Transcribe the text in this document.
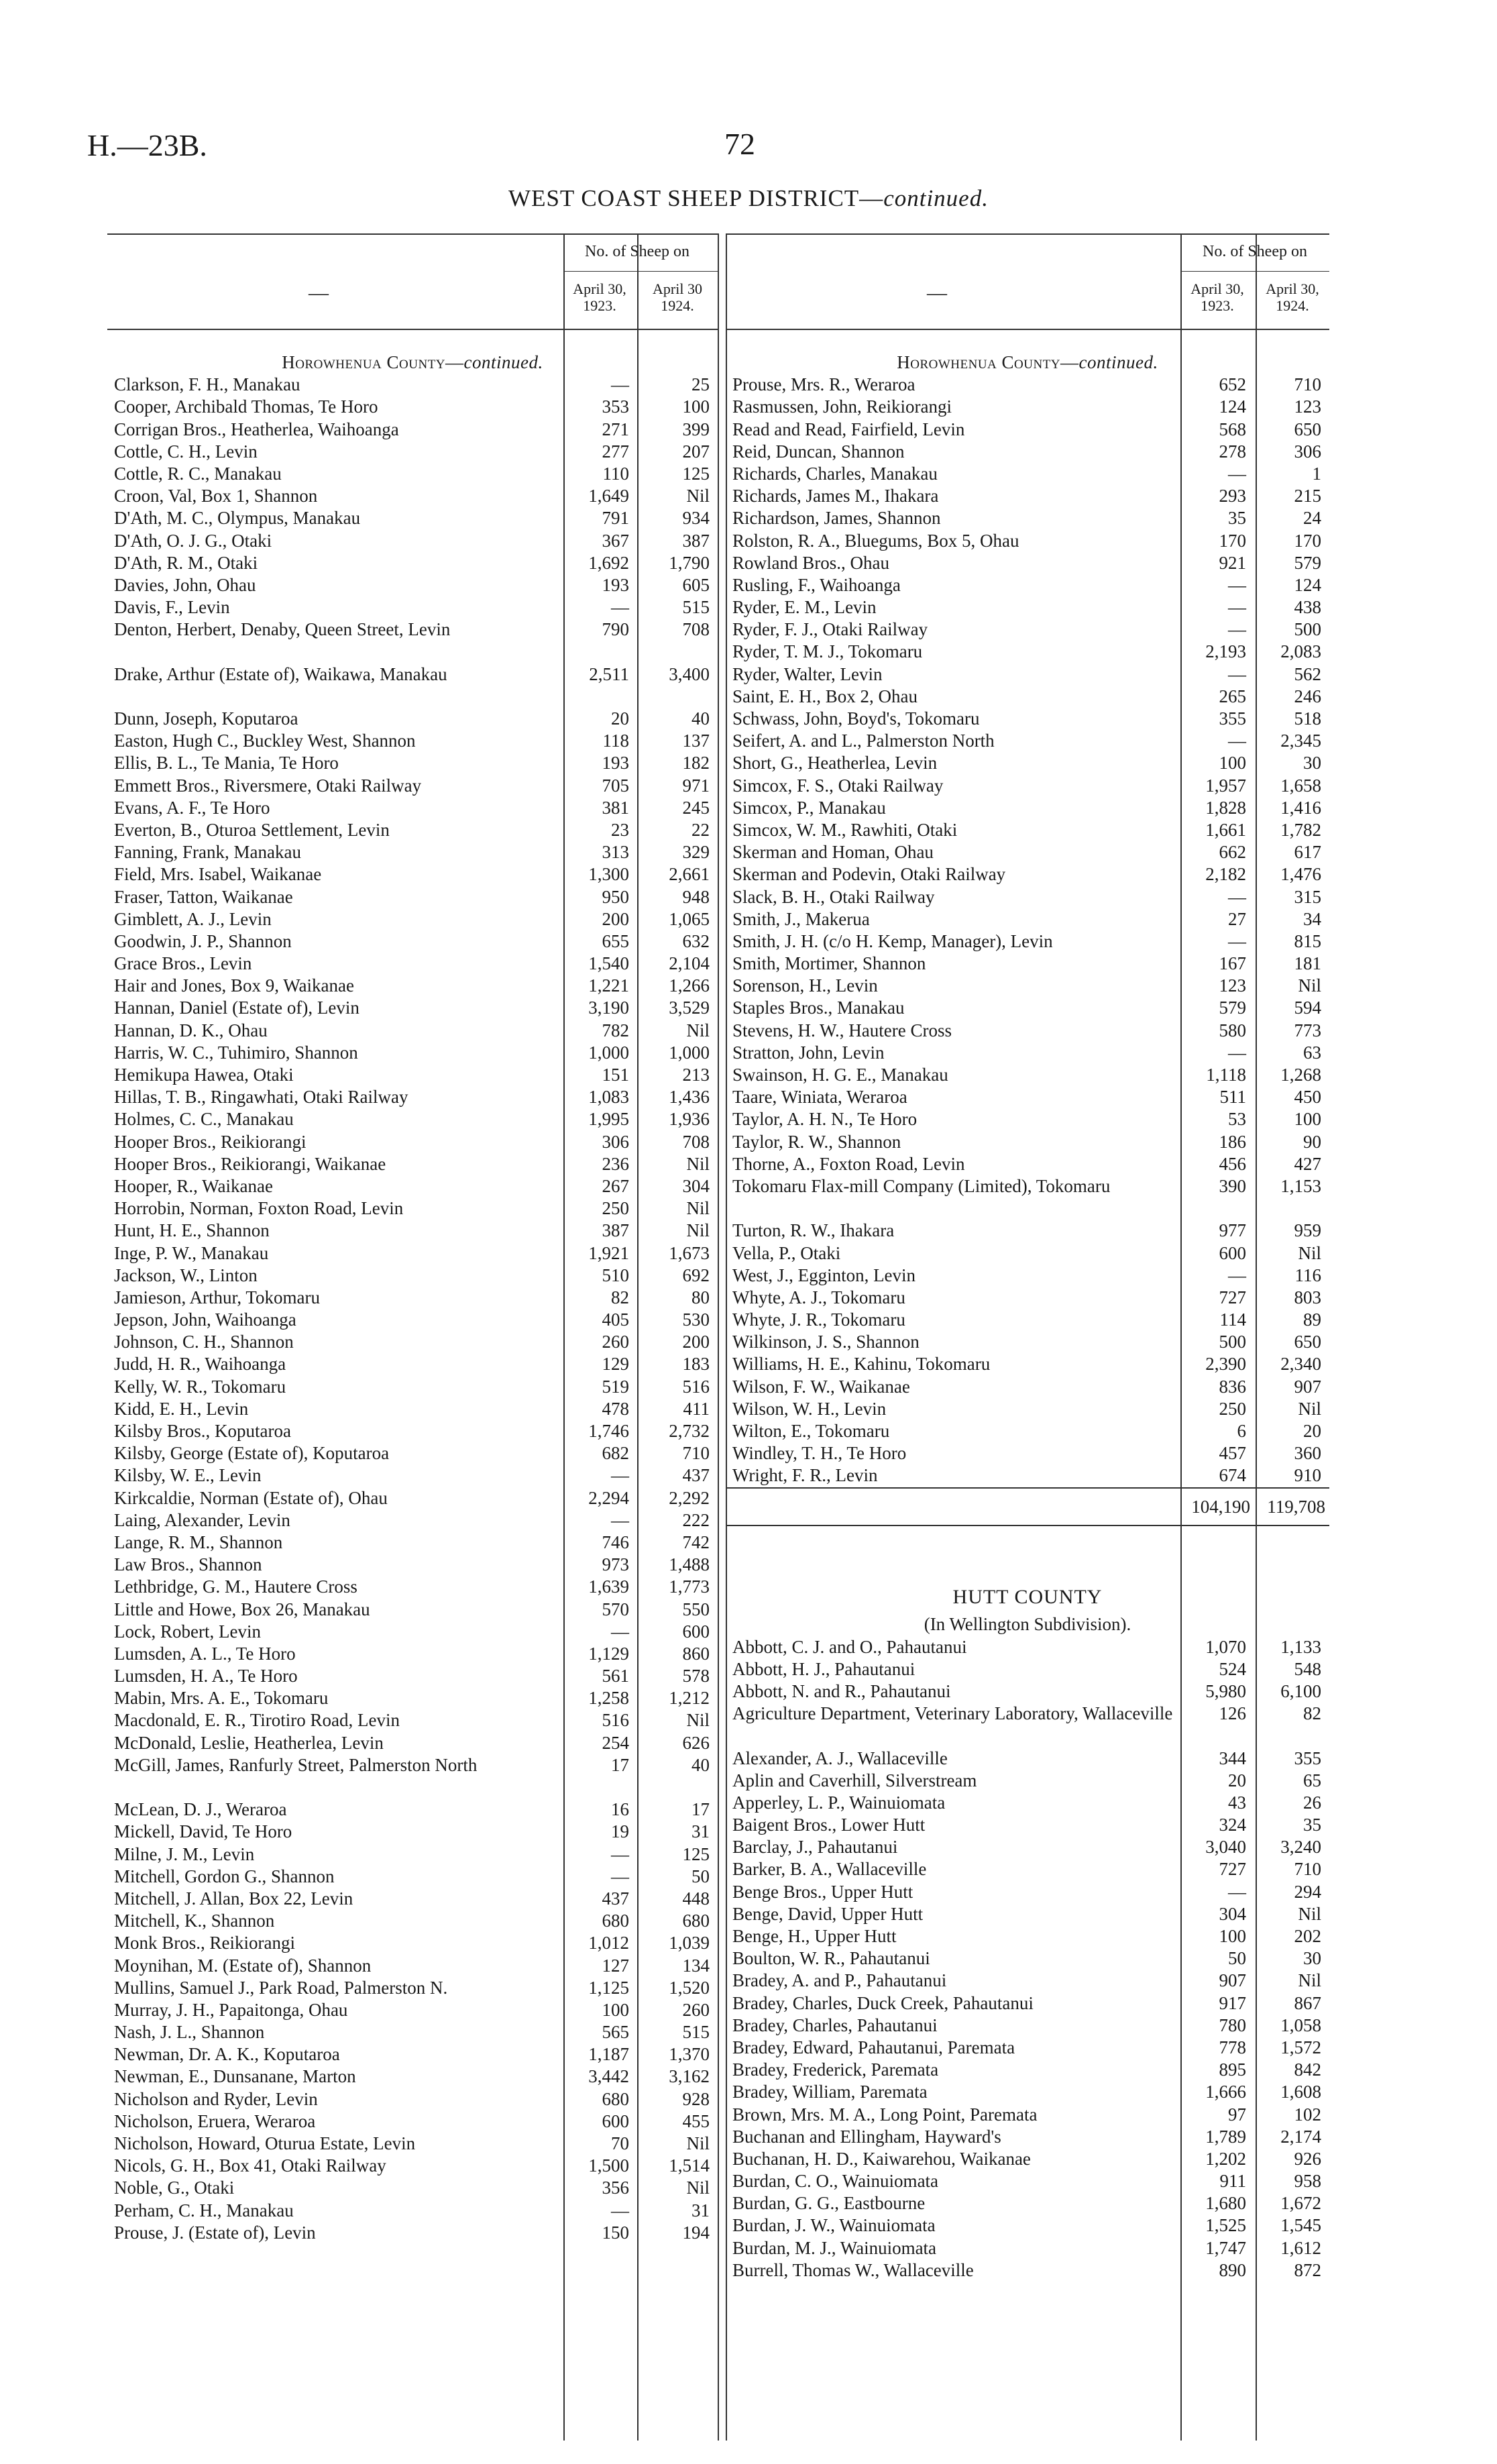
H.—23B.	72
WEST COAST SHEEP DISTRICT—continued.
—
No. of Sheep on
April 30, 1923.
April 30 1924.
Horowhenua County—continued.
Clarkson, F. H., Manakau	—	25
Cooper, Archibald Thomas, Te Horo	353	100
Corrigan Bros., Heatherlea, Waihoanga	271	399
Cottle, C. H., Levin	277	207
Cottle, R. C., Manakau	110	125
Croon, Val, Box 1, Shannon	1,649	Nil
D'Ath, M. C., Olympus, Manakau	791	934
D'Ath, O. J. G., Otaki	367	387
D'Ath, R. M., Otaki	1,692	1,790
Davies, John, Ohau	193	605
Davis, F., Levin	—	515
Denton, Herbert, Denaby, Queen Street, Levin	790	708
Drake, Arthur (Estate of), Waikawa, Manakau	2,511	3,400
Dunn, Joseph, Koputaroa	20	40
Easton, Hugh C., Buckley West, Shannon	118	137
Ellis, B. L., Te Mania, Te Horo	193	182
Emmett Bros., Riversmere, Otaki Railway	705	971
Evans, A. F., Te Horo	381	245
Everton, B., Oturoa Settlement, Levin	23	22
Fanning, Frank, Manakau	313	329
Field, Mrs. Isabel, Waikanae	1,300	2,661
Fraser, Tatton, Waikanae	950	948
Gimblett, A. J., Levin	200	1,065
Goodwin, J. P., Shannon	655	632
Grace Bros., Levin	1,540	2,104
Hair and Jones, Box 9, Waikanae	1,221	1,266
Hannan, Daniel (Estate of), Levin	3,190	3,529
Hannan, D. K., Ohau	782	Nil
Harris, W. C., Tuhimiro, Shannon	1,000	1,000
Hemikupa Hawea, Otaki	151	213
Hillas, T. B., Ringawhati, Otaki Railway	1,083	1,436
Holmes, C. C., Manakau	1,995	1,936
Hooper Bros., Reikiorangi	306	708
Hooper Bros., Reikiorangi, Waikanae	236	Nil
Hooper, R., Waikanae	267	304
Horrobin, Norman, Foxton Road, Levin	250	Nil
Hunt, H. E., Shannon	387	Nil
Inge, P. W., Manakau	1,921	1,673
Jackson, W., Linton	510	692
Jamieson, Arthur, Tokomaru	82	80
Jepson, John, Waihoanga	405	530
Johnson, C. H., Shannon	260	200
Judd, H. R., Waihoanga	129	183
Kelly, W. R., Tokomaru	519	516
Kidd, E. H., Levin	478	411
Kilsby Bros., Koputaroa	1,746	2,732
Kilsby, George (Estate of), Koputaroa	682	710
Kilsby, W. E., Levin	—	437
Kirkcaldie, Norman (Estate of), Ohau	2,294	2,292
Laing, Alexander, Levin	—	222
Lange, R. M., Shannon	746	742
Law Bros., Shannon	973	1,488
Lethbridge, G. M., Hautere Cross	1,639	1,773
Little and Howe, Box 26, Manakau	570	550
Lock, Robert, Levin	—	600
Lumsden, A. L., Te Horo	1,129	860
Lumsden, H. A., Te Horo	561	578
Mabin, Mrs. A. E., Tokomaru	1,258	1,212
Macdonald, E. R., Tirotiro Road, Levin	516	Nil
McDonald, Leslie, Heatherlea, Levin	254	626
McGill, James, Ranfurly Street, Palmerston North	17	40
McLean, D. J., Weraroa	16	17
Mickell, David, Te Horo	19	31
Milne, J. M., Levin	—	125
Mitchell, Gordon G., Shannon	—	50
Mitchell, J. Allan, Box 22, Levin	437	448
Mitchell, K., Shannon	680	680
Monk Bros., Reikiorangi	1,012	1,039
Moynihan, M. (Estate of), Shannon	127	134
Mullins, Samuel J., Park Road, Palmerston N.	1,125	1,520
Murray, J. H., Papaitonga, Ohau	100	260
Nash, J. L., Shannon	565	515
Newman, Dr. A. K., Koputaroa	1,187	1,370
Newman, E., Dunsanane, Marton	3,442	3,162
Nicholson and Ryder, Levin	680	928
Nicholson, Eruera, Weraroa	600	455
Nicholson, Howard, Oturua Estate, Levin	70	Nil
Nicols, G. H., Box 41, Otaki Railway	1,500	1,514
Noble, G., Otaki	356	Nil
Perham, C. H., Manakau	—	31
Prouse, J. (Estate of), Levin	150	194
—
No. of Sheep on
April 30, 1923.
April 30, 1924.
Horowhenua County—continued.
Prouse, Mrs. R., Weraroa	652	710
Rasmussen, John, Reikiorangi	124	123
Read and Read, Fairfield, Levin	568	650
Reid, Duncan, Shannon	278	306
Richards, Charles, Manakau	—	1
Richards, James M., Ihakara	293	215
Richardson, James, Shannon	35	24
Rolston, R. A., Bluegums, Box 5, Ohau	170	170
Rowland Bros., Ohau	921	579
Rusling, F., Waihoanga	—	124
Ryder, E. M., Levin	—	438
Ryder, F. J., Otaki Railway	—	500
Ryder, T. M. J., Tokomaru	2,193	2,083
Ryder, Walter, Levin	—	562
Saint, E. H., Box 2, Ohau	265	246
Schwass, John, Boyd's, Tokomaru	355	518
Seifert, A. and L., Palmerston North	—	2,345
Short, G., Heatherlea, Levin	100	30
Simcox, F. S., Otaki Railway	1,957	1,658
Simcox, P., Manakau	1,828	1,416
Simcox, W. M., Rawhiti, Otaki	1,661	1,782
Skerman and Homan, Ohau	662	617
Skerman and Podevin, Otaki Railway	2,182	1,476
Slack, B. H., Otaki Railway	—	315
Smith, J., Makerua	27	34
Smith, J. H. (c/o H. Kemp, Manager), Levin	—	815
Smith, Mortimer, Shannon	167	181
Sorenson, H., Levin	123	Nil
Staples Bros., Manakau	579	594
Stevens, H. W., Hautere Cross	580	773
Stratton, John, Levin	—	63
Swainson, H. G. E., Manakau	1,118	1,268
Taare, Winiata, Weraroa	511	450
Taylor, A. H. N., Te Horo	53	100
Taylor, R. W., Shannon	186	90
Thorne, A., Foxton Road, Levin	456	427
Tokomaru Flax-mill Company (Limited), Tokomaru	390	1,153
Turton, R. W., Ihakara	977	959
Vella, P., Otaki	600	Nil
West, J., Egginton, Levin	—	116
Whyte, A. J., Tokomaru	727	803
Whyte, J. R., Tokomaru	114	89
Wilkinson, J. S., Shannon	500	650
Williams, H. E., Kahinu, Tokomaru	2,390	2,340
Wilson, F. W., Waikanae	836	907
Wilson, W. H., Levin	250	Nil
Wilton, E., Tokomaru	6	20
Windley, T. H., Te Horo	457	360
Wright, F. R., Levin	674	910
104,190 119,708
HUTT COUNTY
(In Wellington Subdivision).
Abbott, C. J. and O., Pahautanui	1,070	1,133
Abbott, H. J., Pahautanui	524	548
Abbott, N. and R., Pahautanui	5,980	6,100
Agriculture Department, Veterinary Laboratory, Wallaceville	126	82
Alexander, A. J., Wallaceville	344	355
Aplin and Caverhill, Silverstream	20	65
Apperley, L. P., Wainuiomata	43	26
Baigent Bros., Lower Hutt	324	35
Barclay, J., Pahautanui	3,040	3,240
Barker, B. A., Wallaceville	727	710
Benge Bros., Upper Hutt	—	294
Benge, David, Upper Hutt	304	Nil
Benge, H., Upper Hutt	100	202
Boulton, W. R., Pahautanui	50	30
Bradey, A. and P., Pahautanui	907	Nil
Bradey, Charles, Duck Creek, Pahautanui	917	867
Bradey, Charles, Pahautanui	780	1,058
Bradey, Edward, Pahautanui, Paremata	778	1,572
Bradey, Frederick, Paremata	895	842
Bradey, William, Paremata	1,666	1,608
Brown, Mrs. M. A., Long Point, Paremata	97	102
Buchanan and Ellingham, Hayward's	1,789	2,174
Buchanan, H. D., Kaiwarehou, Waikanae	1,202	926
Burdan, C. O., Wainuiomata	911	958
Burdan, G. G., Eastbourne	1,680	1,672
Burdan, J. W., Wainuiomata	1,525	1,545
Burdan, M. J., Wainuiomata	1,747	1,612
Burrell, Thomas W., Wallaceville	890	872
